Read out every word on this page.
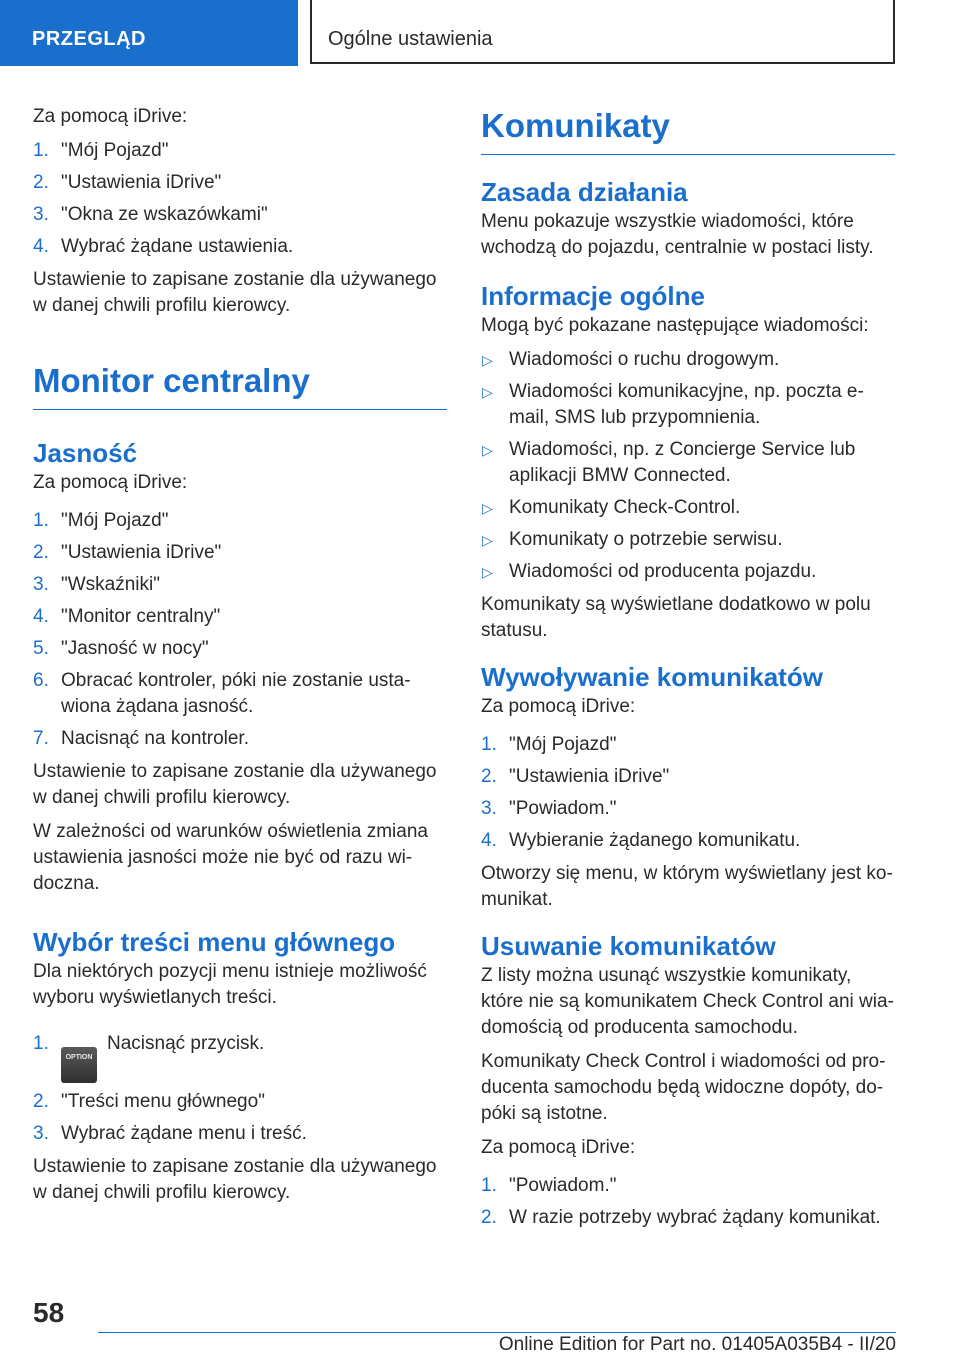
PRZEGLĄD	Ogólne ustawienia

Za pomocą iDrive:

1. "Mój Pojazd"
2. "Ustawienia iDrive"
3. "Okna ze wskazówkami"
4. Wybrać żądane ustawienia.

Ustawienie to zapisane zostanie dla używanego w danej chwili profilu kierowcy.

Monitor centralny
Jasność

Za pomocą iDrive:

1. "Mój Pojazd"
2. "Ustawienia iDrive"
3. "Wskaźniki"
4. "Monitor centralny"
5. "Jasność w nocy"
6. Obracać kontroler, póki nie zostanie ustawiona żądana jasność.
7. Nacisnąć na kontroler.

Ustawienie to zapisane zostanie dla używanego w danej chwili profilu kierowcy.

W zależności od warunków oświetlenia zmiana ustawienia jasności może nie być od razu widoczna.

Wybór treści menu głównego

Dla niektórych pozycji menu istnieje możliwość wyboru wyświetlanych treści.

1.
OPTIONNacisnąć przycisk.
2. "Treści menu głównego"
3. Wybrać żądane menu i treść.

Ustawienie to zapisane zostanie dla używanego w danej chwili profilu kierowcy.

Komunikaty
Zasada działania

Menu pokazuje wszystkie wiadomości, które wchodzą do pojazdu, centralnie w postaci listy.

Informacje ogólne

Mogą być pokazane następujące wiadomości:

▷ Wiadomości o ruchu drogowym.
▷ Wiadomości komunikacyjne, np. poczta e-mail, SMS lub przypomnienia.
▷ Wiadomości, np. z Concierge Service lub aplikacji BMW Connected.
▷ Komunikaty Check-Control.
▷ Komunikaty o potrzebie serwisu.
▷ Wiadomości od producenta pojazdu.

Komunikaty są wyświetlane dodatkowo w polu statusu.

Wywoływanie komunikatów

Za pomocą iDrive:

1. "Mój Pojazd"
2. "Ustawienia iDrive"
3. "Powiadom."
4. Wybieranie żądanego komunikatu.

Otworzy się menu, w którym wyświetlany jest komunikat.

Usuwanie komunikatów

Z listy można usunąć wszystkie komunikaty, które nie są komunikatem Check Control ani wiadomością od producenta samochodu.

Komunikaty Check Control i wiadomości od producenta samochodu będą widoczne dopóty, dopóki są istotne.

Za pomocą iDrive:

1. "Powiadom."
2. W razie potrzeby wybrać żądany komunikat.
58
Online Edition for Part no. 01405A035B4 - II/20
